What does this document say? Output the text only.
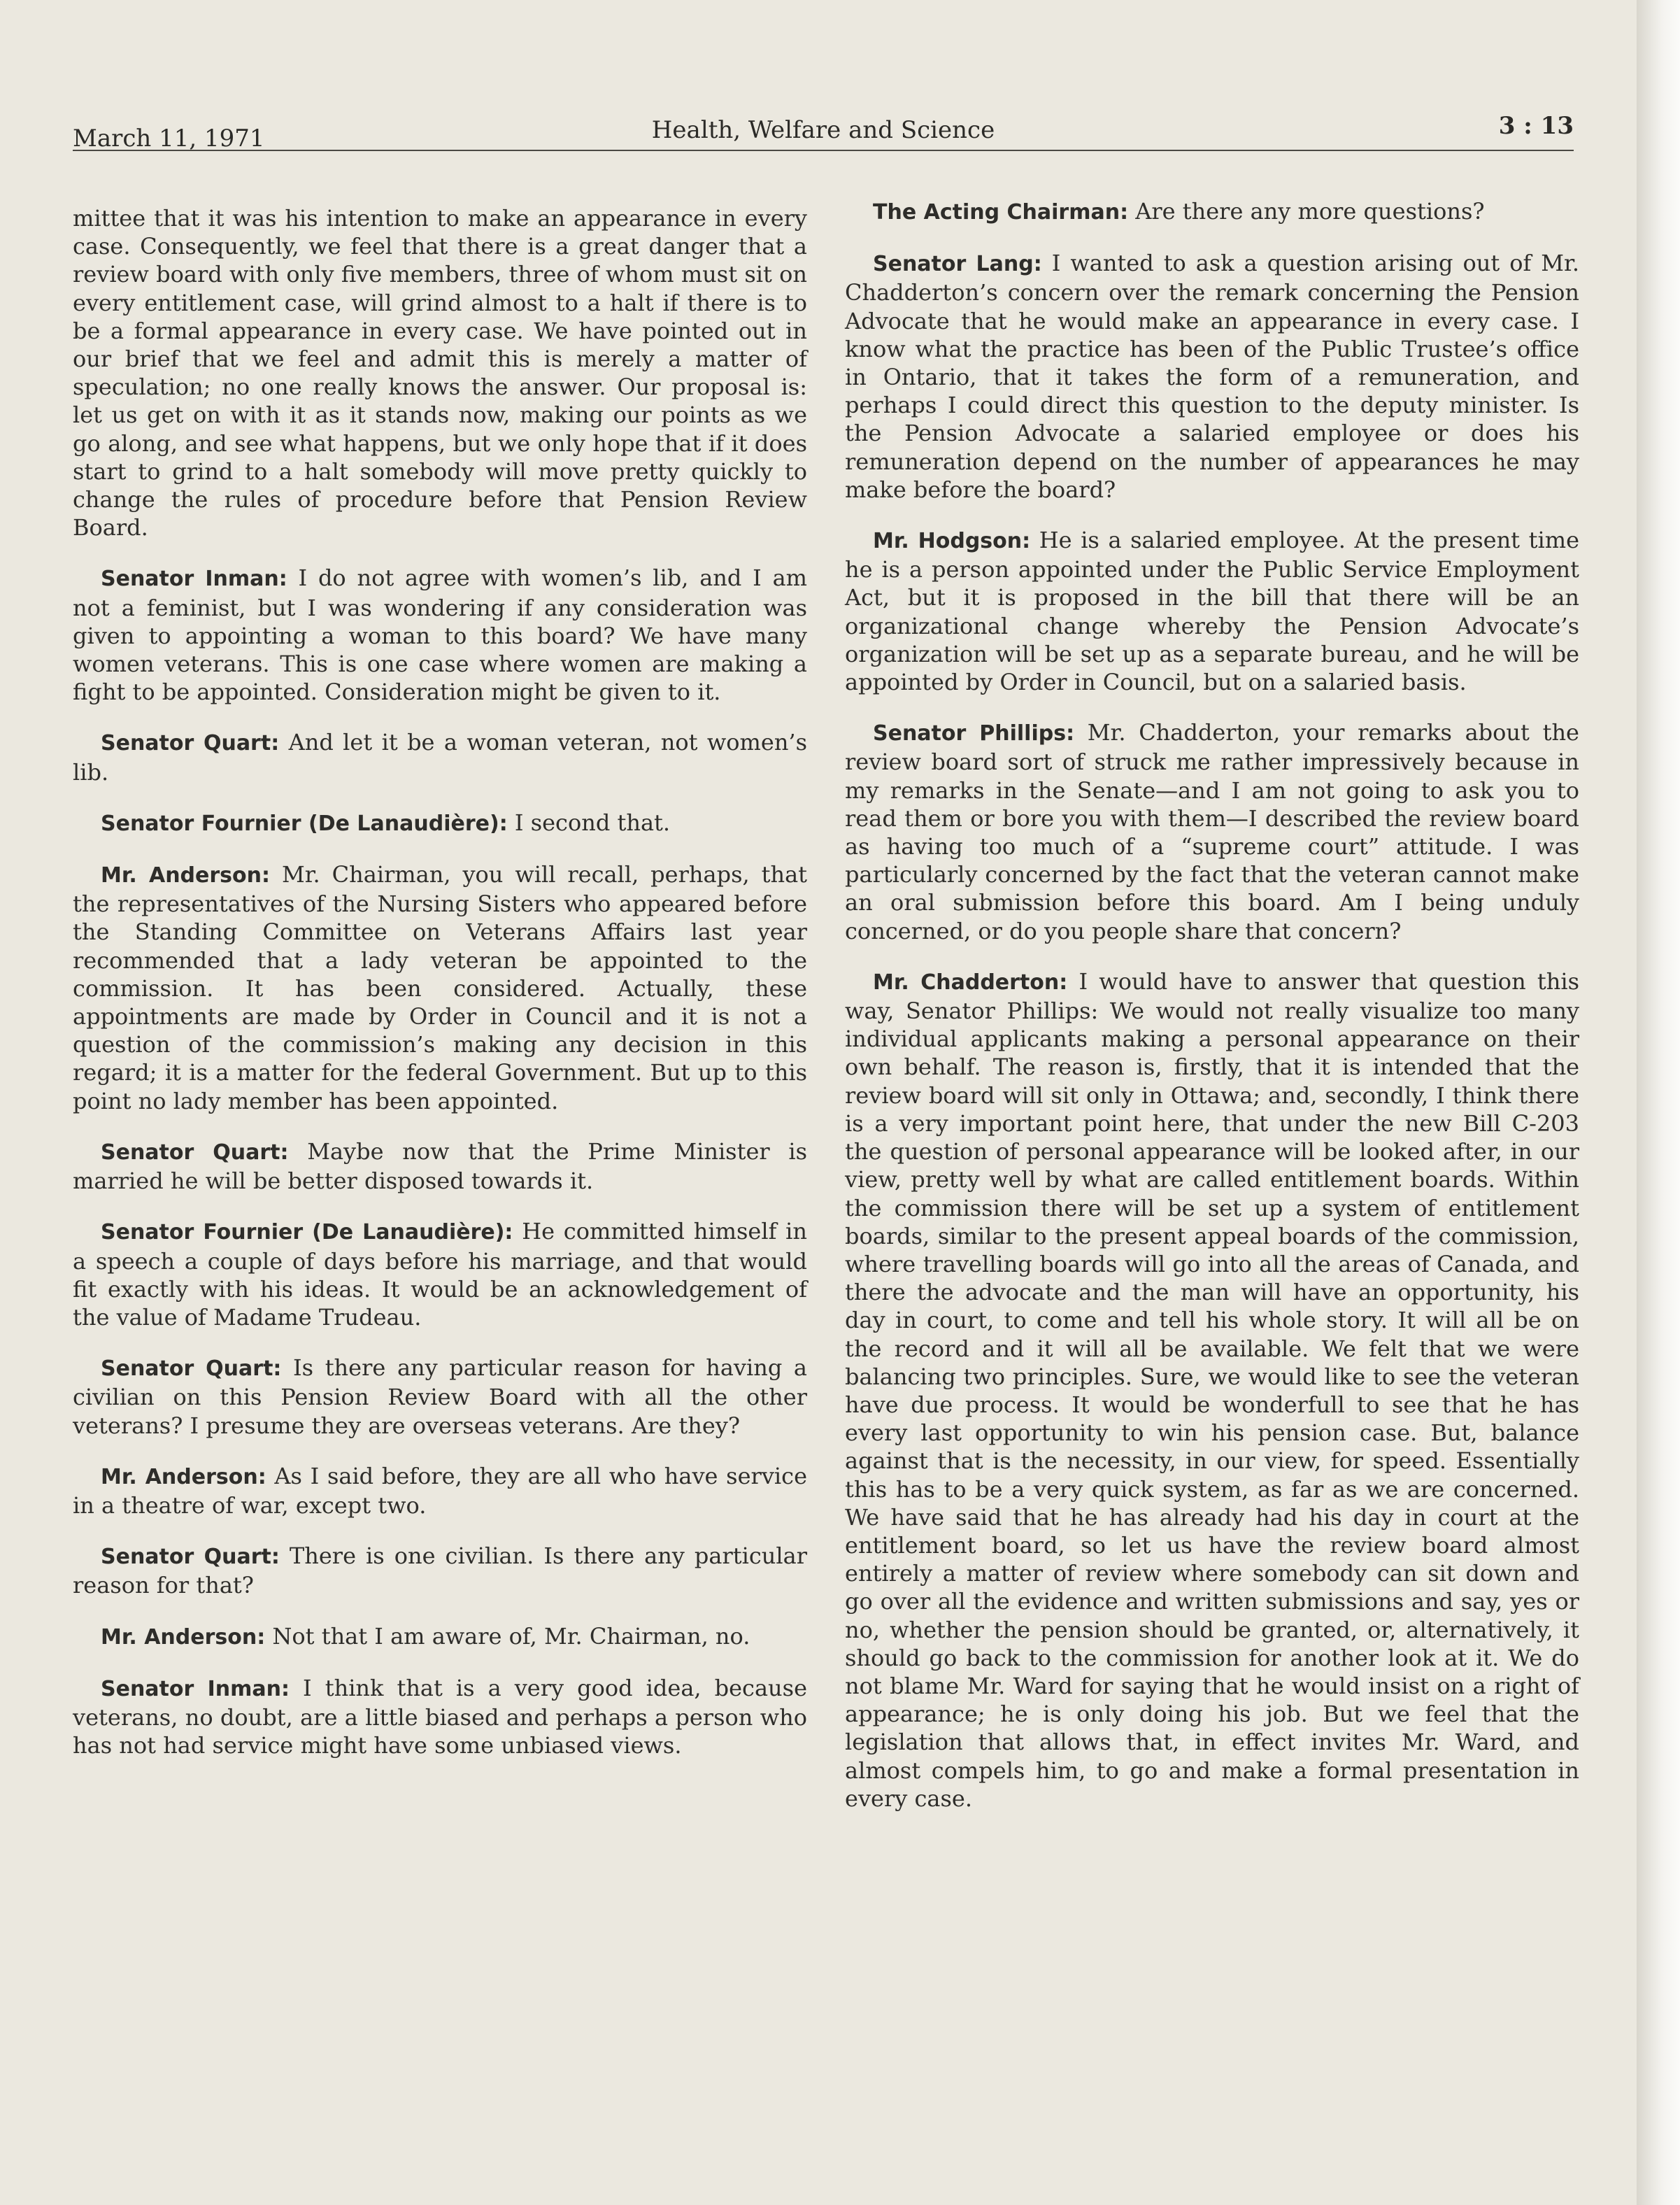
March 11, 1971	Health, Welfare and Science	3 : 13

mittee that it was his intention to make an appearance in every case. Consequently, we feel that there is a great danger that a review board with only five members, three of whom must sit on every entitlement case, will grind almost to a halt if there is to be a formal appearance in every case. We have pointed out in our brief that we feel and admit this is merely a matter of speculation; no one really knows the answer. Our proposal is: let us get on with it as it stands now, making our points as we go along, and see what happens, but we only hope that if it does start to grind to a halt somebody will move pretty quickly to change the rules of procedure before that Pension Review Board.

Senator Inman: I do not agree with women’s lib, and I am not a feminist, but I was wondering if any consideration was given to appointing a woman to this board? We have many women veterans. This is one case where women are making a fight to be appointed. Consideration might be given to it.

Senator Quart: And let it be a woman veteran, not women’s lib.

Senator Fournier (De Lanaudière): I second that.

Mr. Anderson: Mr. Chairman, you will recall, perhaps, that the representatives of the Nursing Sisters who appeared before the Standing Committee on Veterans Affairs last year recommended that a lady veteran be appointed to the commission. It has been considered. Actually, these appointments are made by Order in Council and it is not a question of the commission’s making any decision in this regard; it is a matter for the federal Government. But up to this point no lady member has been appointed.

Senator Quart: Maybe now that the Prime Minister is married he will be better disposed towards it.

Senator Fournier (De Lanaudière): He committed himself in a speech a couple of days before his marriage, and that would fit exactly with his ideas. It would be an acknowledgement of the value of Madame Trudeau.

Senator Quart: Is there any particular reason for having a civilian on this Pension Review Board with all the other veterans? I presume they are overseas veterans. Are they?

Mr. Anderson: As I said before, they are all who have service in a theatre of war, except two.

Senator Quart: There is one civilian. Is there any particular reason for that?

Mr. Anderson: Not that I am aware of, Mr. Chairman, no.

Senator Inman: I think that is a very good idea, because veterans, no doubt, are a little biased and perhaps a person who has not had service might have some unbiased views.

The Acting Chairman: Are there any more questions?

Senator Lang: I wanted to ask a question arising out of Mr. Chadderton’s concern over the remark concerning the Pension Advocate that he would make an appearance in every case. I know what the practice has been of the Public Trustee’s office in Ontario, that it takes the form of a remuneration, and perhaps I could direct this question to the deputy minister. Is the Pension Advocate a salaried employee or does his remuneration depend on the number of appearances he may make before the board?

Mr. Hodgson: He is a salaried employee. At the present time he is a person appointed under the Public Service Employment Act, but it is proposed in the bill that there will be an organizational change whereby the Pension Advocate’s organization will be set up as a separate bureau, and he will be appointed by Order in Council, but on a salaried basis.

Senator Phillips: Mr. Chadderton, your remarks about the review board sort of struck me rather impressively because in my remarks in the Senate—and I am not going to ask you to read them or bore you with them—I described the review board as having too much of a “supreme court” attitude. I was particularly concerned by the fact that the veteran cannot make an oral submission before this board. Am I being unduly concerned, or do you people share that concern?

Mr. Chadderton: I would have to answer that question this way, Senator Phillips: We would not really visualize too many individual applicants making a personal appearance on their own behalf. The reason is, firstly, that it is intended that the review board will sit only in Ottawa; and, secondly, I think there is a very important point here, that under the new Bill C-203 the question of personal appearance will be looked after, in our view, pretty well by what are called entitlement boards. Within the commission there will be set up a system of entitlement boards, similar to the present appeal boards of the commission, where travelling boards will go into all the areas of Canada, and there the advocate and the man will have an opportunity, his day in court, to come and tell his whole story. It will all be on the record and it will all be available. We felt that we were balancing two principles. Sure, we would like to see the veteran have due process. It would be wonderfull to see that he has every last opportunity to win his pension case. But, balance against that is the necessity, in our view, for speed. Essentially this has to be a very quick system, as far as we are concerned. We have said that he has already had his day in court at the entitlement board, so let us have the review board almost entirely a matter of review where somebody can sit down and go over all the evidence and written submissions and say, yes or no, whether the pension should be granted, or, alternatively, it should go back to the commission for another look at it. We do not blame Mr. Ward for saying that he would insist on a right of appearance; he is only doing his job. But we feel that the legislation that allows that, in effect invites Mr. Ward, and almost compels him, to go and make a formal presentation in every case.
